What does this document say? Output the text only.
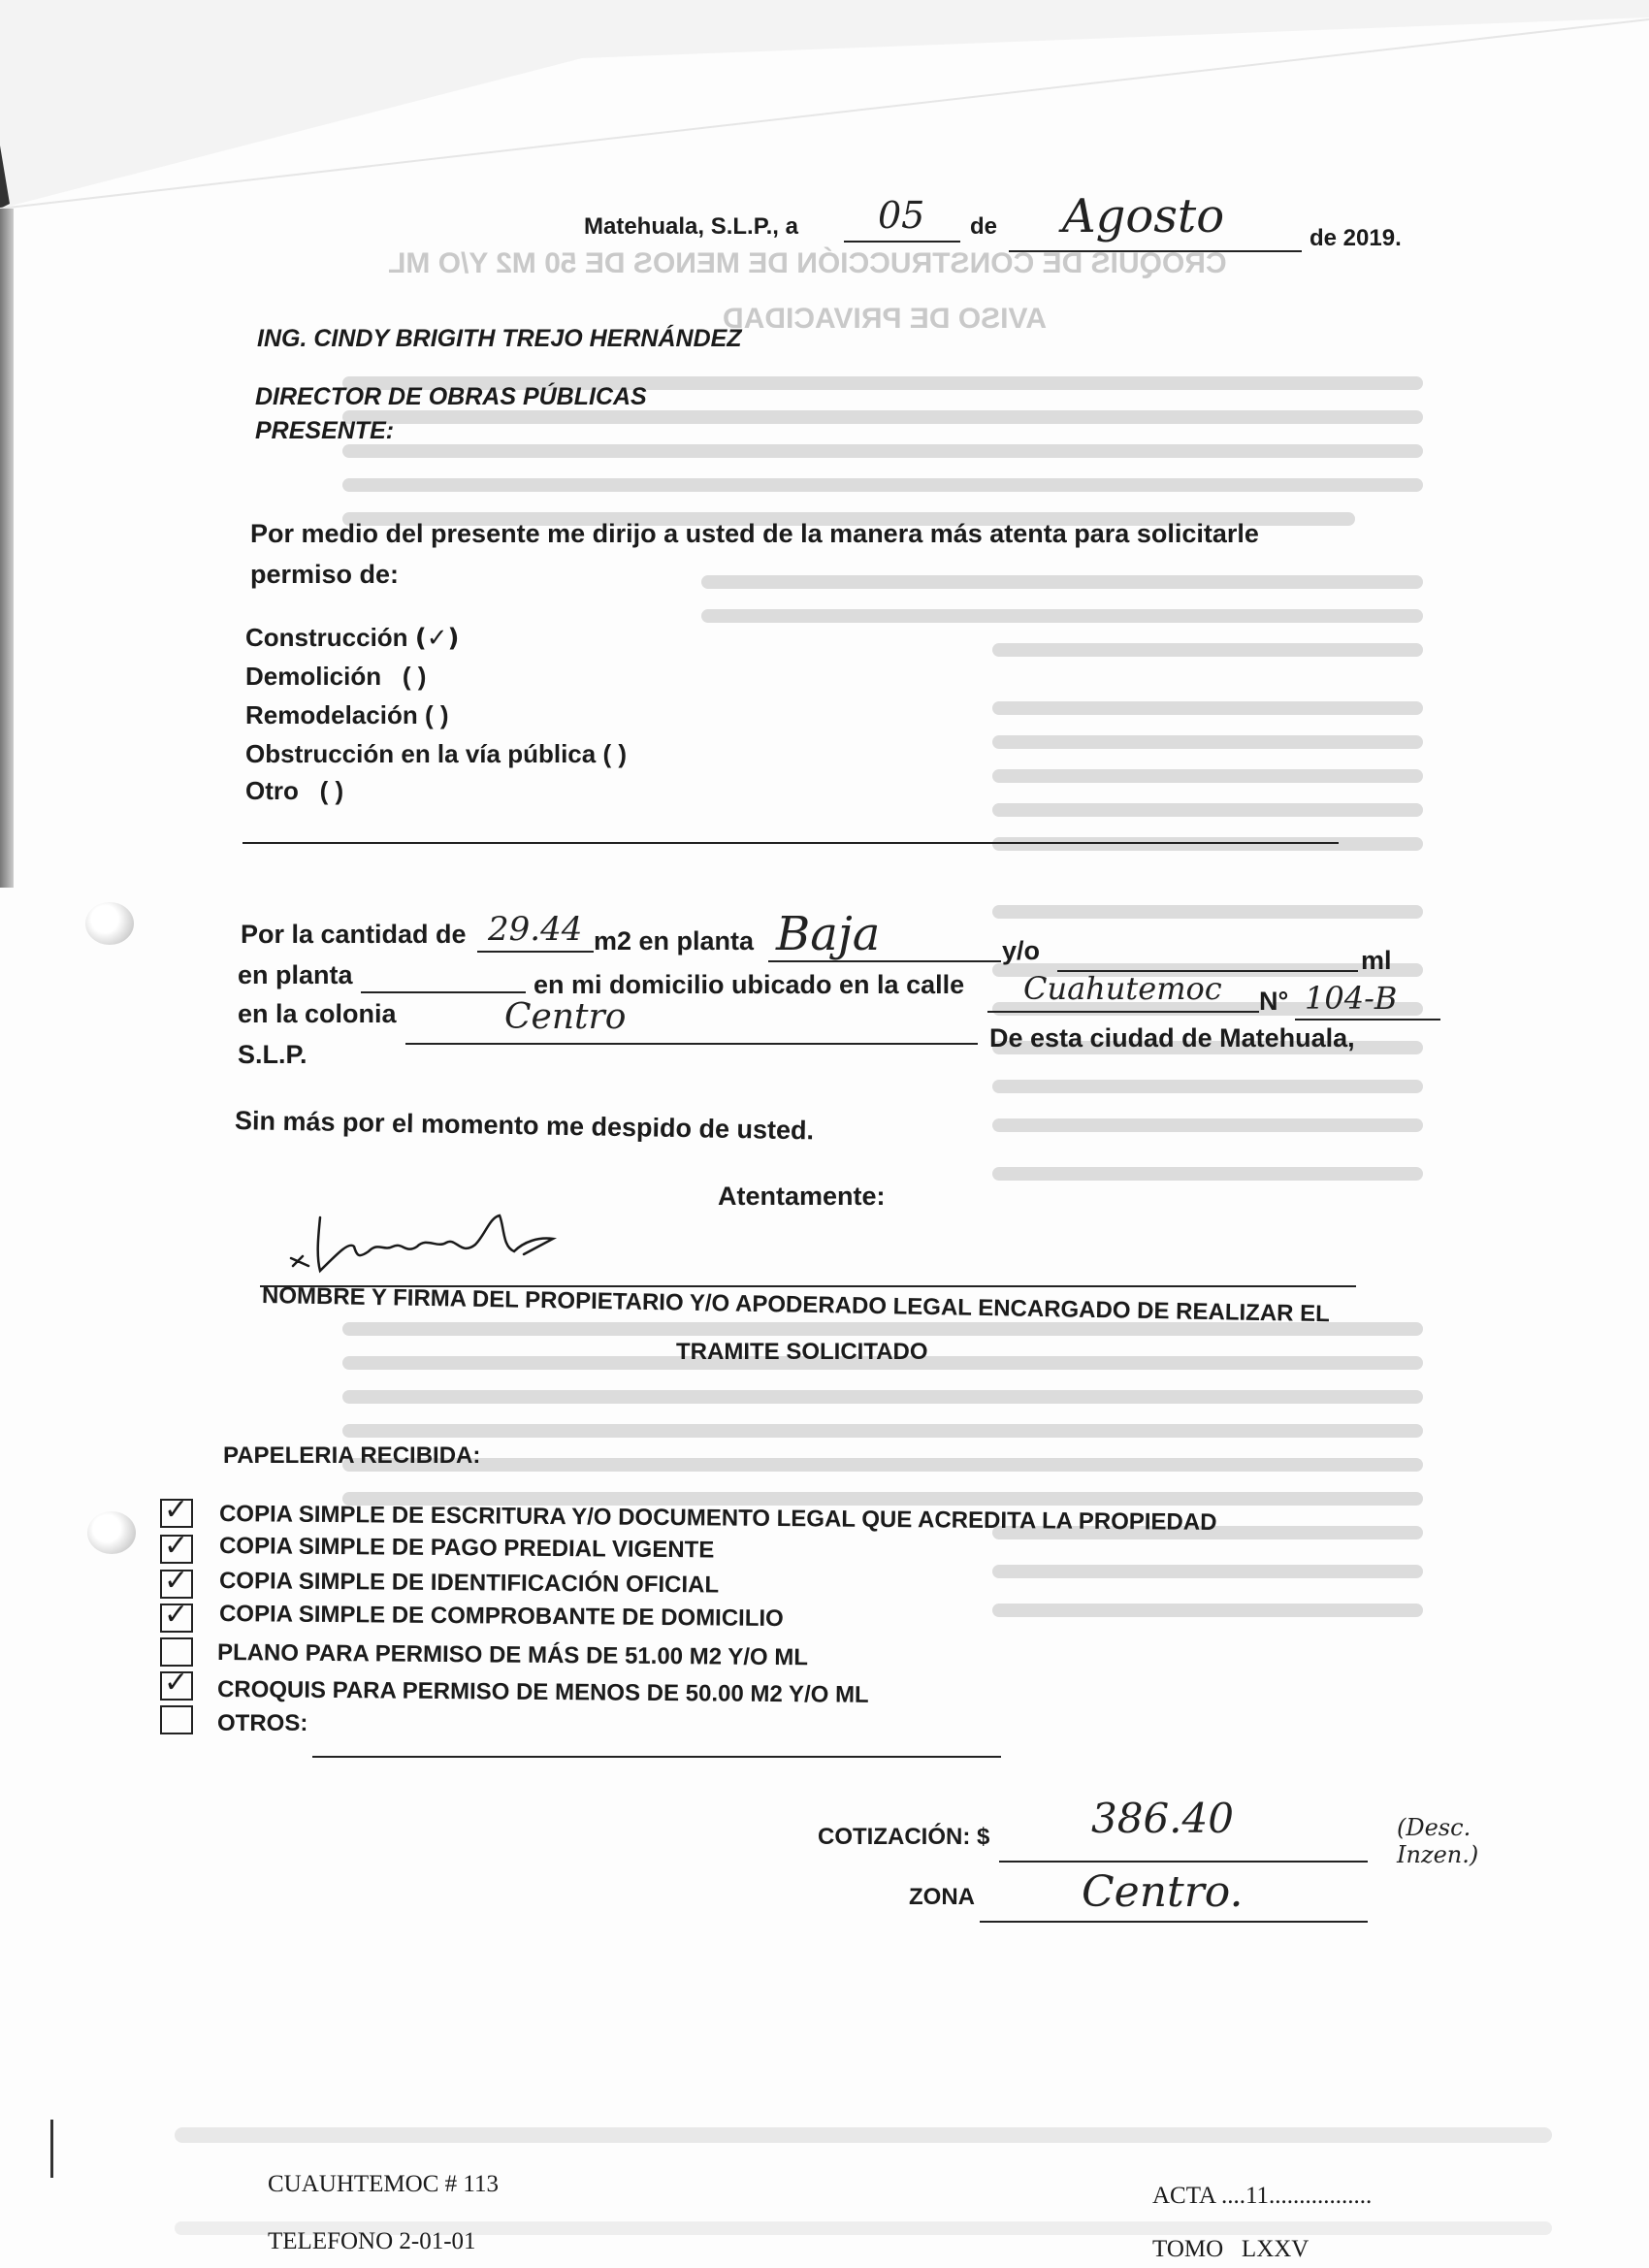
CROQUIS DE CONSTRUCCIÓN DE MENOS DE 50 M2 Y/O ML
AVISO DE PRIVACIDAD
Matehuala, S.L.P., a 05 de Agosto	de 2019.
ING. CINDY BRIGITH TREJO HERNÁNDEZ
DIRECTOR DE OBRAS PÚBLICAS
PRESENTE:
Por medio del presente me dirijo a usted de la manera más atenta para solicitarle
permiso de:
Construcción (✓)
Demolición ( )
Remodelación ( )
Obstrucción en la vía pública ( )
Otro ( )
Por la cantidad de 29.44 m2 en planta Baja	y/o	ml
en planta	en mi domicilio ubicado en la calle Cuahutemoc N° 104-B
en la colonia	Centro
De esta ciudad de Matehuala,
S.L.P.
Sin más por el momento me despido de usted.
Atentamente:
NOMBRE Y FIRMA DEL PROPIETARIO Y/O APODERADO LEGAL ENCARGADO DE REALIZAR EL
TRAMITE SOLICITADO
PAPELERIA RECIBIDA:
✓ COPIA SIMPLE DE ESCRITURA Y/O DOCUMENTO LEGAL QUE ACREDITA LA PROPIEDAD
✓ COPIA SIMPLE DE PAGO PREDIAL VIGENTE
✓ COPIA SIMPLE DE IDENTIFICACIÓN OFICIAL
✓ COPIA SIMPLE DE COMPROBANTE DE DOMICILIO
PLANO PARA PERMISO DE MÁS DE 51.00 M2 Y/O ML
✓ CROQUIS PARA PERMISO DE MENOS DE 50.00 M2 Y/O ML
OTROS:
COTIZACIÓN: $ 386.40	(Desc. Inzen.)
ZONA	Centro.
CUAUHTEMOC # 113
TELEFONO 2-01-01
ACTA ....11.................
TOMO LXXV
